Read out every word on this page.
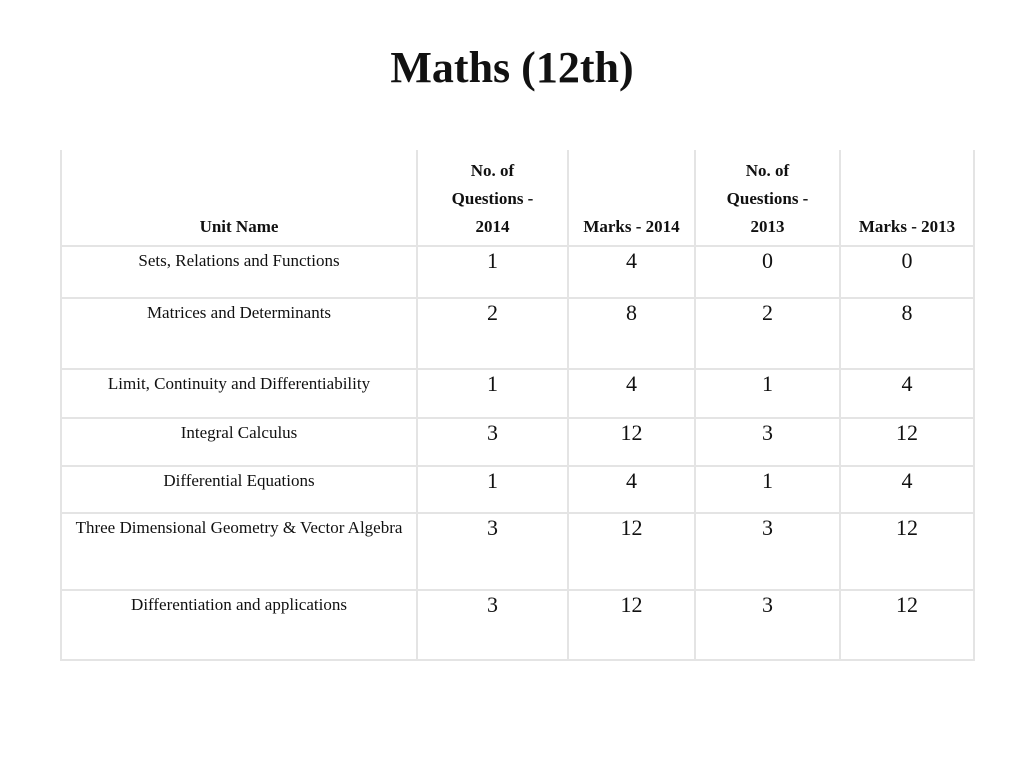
Maths (12th)
Unit Name	No. of Questions - 2014	Marks - 2014	No. of Questions - 2013	Marks - 2013
Sets, Relations and Functions	1	4	0	0
Matrices and Determinants	2	8	2	8
Limit, Continuity and Differentiability	1	4	1	4
Integral Calculus	3	12	3	12
Differential Equations	1	4	1	4
Three Dimensional Geometry & Vector Algebra	3	12	3	12
Differentiation and applications	3	12	3	12
